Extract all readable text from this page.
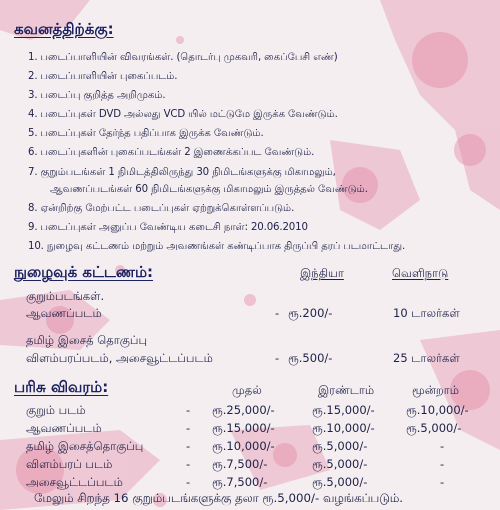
கவனத்திற்க்கு:
1. படைப்பாளியின் விவரங்கள். (தொடர்பு முகவரி, கைப்பேசி எண்)
2. படைப்பாளியின் புகைப்படம்.
3. படைப்பு குறித்த அறிமுகம்.
4. படைப்புகள் DVD அல்லது VCD யில் மட்டுமே இருக்க வேண்டும்.
5. படைப்புகள் தேர்ந்த பதிப்பாக இருக்க வேண்டும்.
6. படைப்புகளின் புகைப்படங்கள் 2 இணைக்கப்பட வேண்டும்.
7. குறும்படங்கள் 1 நிமிடத்திலிருந்து 30 நிமிடங்களுக்கு மிகாமலும்,
ஆவணப்படங்கள் 60 நிமிடங்களுக்கு மிகாமலும் இருத்தல் வேண்டும்.
8. ஏன்றிற்கு மேற்பட்ட படைப்புகள் ஏற்றுக்கொள்ளப்படும்.
9. படைப்புகள் அனுப்ப வேண்டிய கடைசி நாள்: 20.06.2010
10. நுழைவு கட்டணம் மற்றும் அவணங்கள் கண்டிப்பாக திருப்பி தரப் படமாட்டாது.
நுழைவுக் கட்டணம்:	இந்தியா	வெளிநாடு
குறும்படங்கள்.
ஆவணப்படம்	- ரூ.200/-	10 டாலர்கள்
தமிழ் இசைத் தொகுப்பு
விளம்பரப்படம், அசைவூட்டப்படம்	- ரூ.500/-	25 டாலர்கள்
பரிசு விவரம்:	முதல்	இரண்டாம்	மூன்றாம்
குறும் படம்	- ரூ.25,000/-	ரூ.15,000/-	ரூ.10,000/-
ஆவணப்படம்	- ரூ.15,000/-	ரூ.10,000/-	ரூ.5,000/-
தமிழ் இசைத்தொகுப்பு	- ரூ.10,000/-	ரூ.5,000/-	-
விளம்பரப் படம்	- ரூ.7,500/-	ரூ.5,000/-	-
அசைவூட்டப்படம்	- ரூ.7,500/-	ரூ.5,000/-	-
மேலும் சிறந்த 16 குறும்படங்களுக்கு தலா ரூ.5,000/- வழங்கப்படும்.
